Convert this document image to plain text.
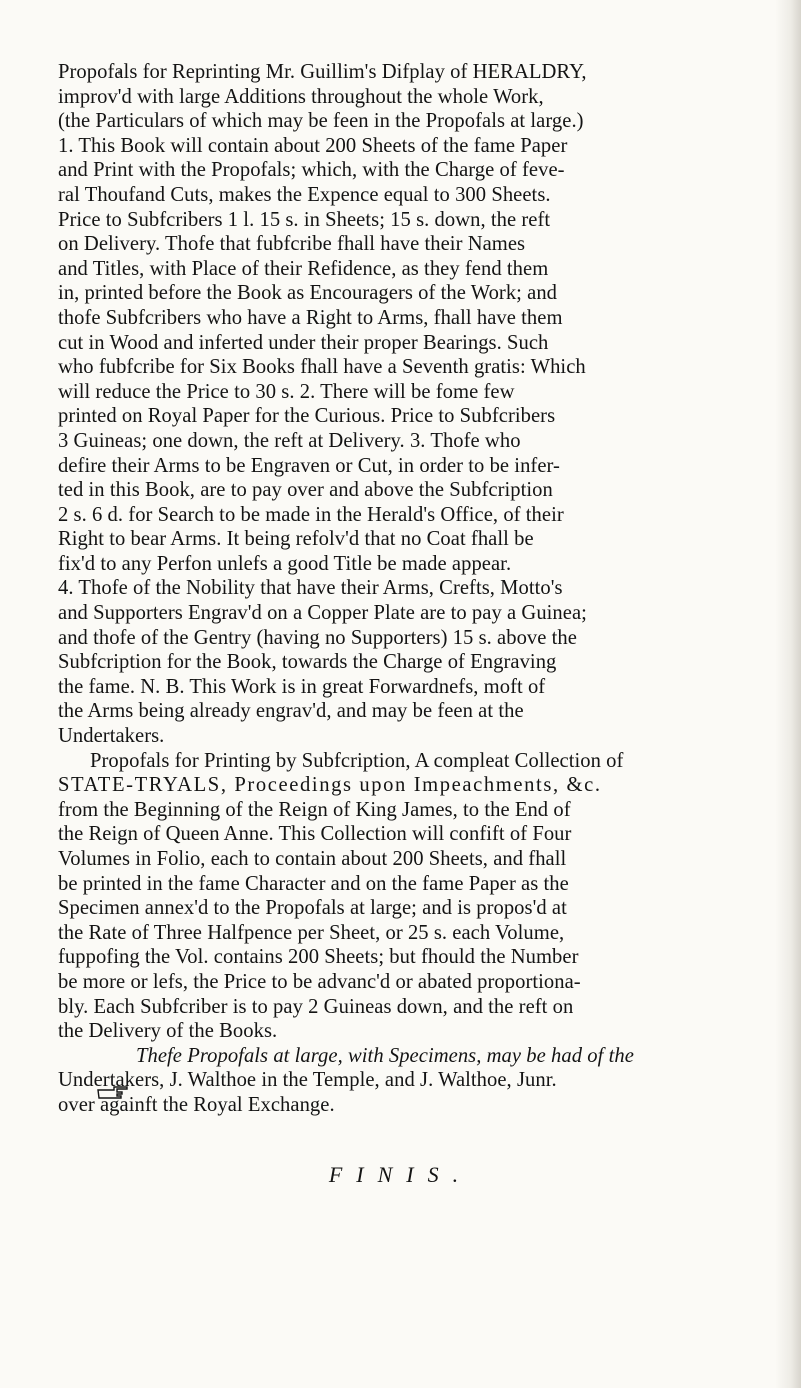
Propofals for Reprinting Mr. Guillim's Difplay of HERALDRY,
improv'd with large Additions throughout the whole Work,
(the Particulars of which may be feen in the Propofals at large.)
1. This Book will contain about 200 Sheets of the fame Paper
and Print with the Propofals; which, with the Charge of feve-
ral Thoufand Cuts, makes the Expence equal to 300 Sheets.
Price to Subfcribers 1 l. 15 s. in Sheets; 15 s. down, the reft
on Delivery. Thofe that fubfcribe fhall have their Names
and Titles, with Place of their Refidence, as they fend them
in, printed before the Book as Encouragers of the Work; and
thofe Subfcribers who have a Right to Arms, fhall have them
cut in Wood and inferted under their proper Bearings. Such
who fubfcribe for Six Books fhall have a Seventh gratis: Which
will reduce the Price to 30 s. 2. There will be fome few
printed on Royal Paper for the Curious. Price to Subfcribers
3 Guineas; one down, the reft at Delivery. 3. Thofe who
defire their Arms to be Engraven or Cut, in order to be infer-
ted in this Book, are to pay over and above the Subfcription
2 s. 6 d. for Search to be made in the Herald's Office, of their
Right to bear Arms. It being refolv'd that no Coat fhall be
fix'd to any Perfon unlefs a good Title be made appear.
4. Thofe of the Nobility that have their Arms, Crefts, Motto's
and Supporters Engrav'd on a Copper Plate are to pay a Guinea;
and thofe of the Gentry (having no Supporters) 15 s. above the
Subfcription for the Book, towards the Charge of Engraving
the fame. N. B. This Work is in great Forwardnefs, moft of
the Arms being already engrav'd, and may be feen at the
Undertakers.
Propofals for Printing by Subfcription, A compleat Collection of
STATE-TRYALS, Proceedings upon Impeachments, &c.
from the Beginning of the Reign of King James, to the End of
the Reign of Queen Anne. This Collection will confift of Four
Volumes in Folio, each to contain about 200 Sheets, and fhall
be printed in the fame Character and on the fame Paper as the
Specimen annex'd to the Propofals at large; and is propos'd at
the Rate of Three Halfpence per Sheet, or 25 s. each Volume,
fuppofing the Vol. contains 200 Sheets; but fhould the Number
be more or lefs, the Price to be advanc'd or abated proportiona-
bly. Each Subfcriber is to pay 2 Guineas down, and the reft on
the Delivery of the Books.
Thefe Propofals at large, with Specimens, may be had of the
Undertakers, J. Walthoe in the Temple, and J. Walthoe, Junr.
over againft the Royal Exchange.
FINIS.
